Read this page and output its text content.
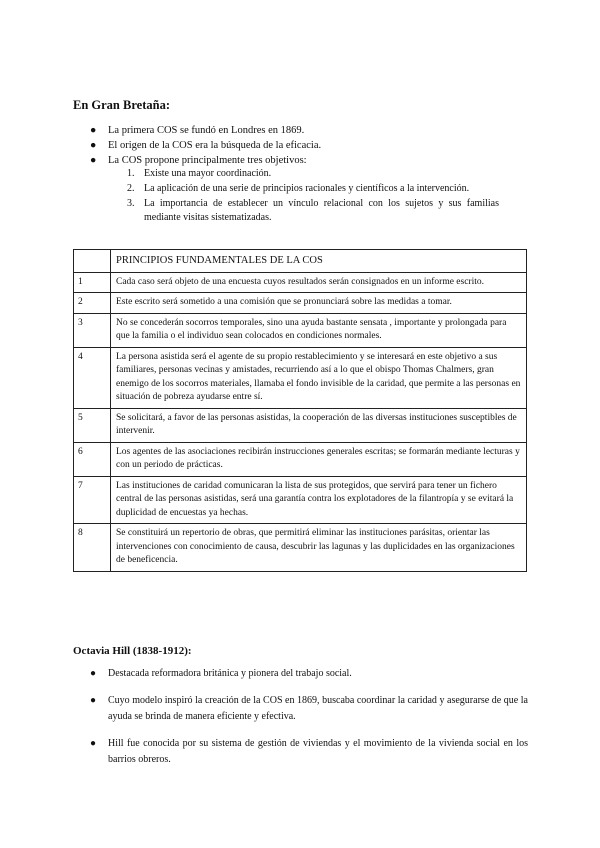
En Gran Bretaña:
● La primera COS se fundó en Londres en 1869.
● El origen de la COS era la búsqueda de la eficacia.
● La COS propone principalmente tres objetivos:
1. Existe una mayor coordinación.
2. La aplicación de una serie de principios racionales y científicos a la intervención.
3. La importancia de establecer un vínculo relacional con los sujetos y sus familias mediante visitas sistematizadas.
	PRINCIPIOS FUNDAMENTALES DE LA COS
1	Cada caso será objeto de una encuesta cuyos resultados serán consignados en un informe escrito.
2	Este escrito será sometido a una comisión que se pronunciará sobre las medidas a tomar.
3	No se concederán socorros temporales, sino una ayuda bastante sensata , importante y prolongada para que la familia o el individuo sean colocados en condiciones normales.
4	La persona asistida será el agente de su propio restablecimiento y se interesará en este objetivo a sus familiares, personas vecinas y amistades, recurriendo así a lo que el obispo Thomas Chalmers, gran enemigo de los socorros materiales, llamaba el fondo invisible de la caridad, que permite a las personas en situación de pobreza ayudarse entre sí.
5	Se solicitará, a favor de las personas asistidas, la cooperación de las diversas instituciones susceptibles de intervenir.
6	Los agentes de las asociaciones recibirán instrucciones generales escritas; se formarán mediante lecturas y con un periodo de prácticas.
7	Las instituciones de caridad comunicaran la lista de sus protegidos, que servirá para tener un fichero central de las personas asistidas, será una garantía contra los explotadores de la filantropía y se evitará la duplicidad de encuestas ya hechas.
8	Se constituirá un repertorio de obras, que permitirá eliminar las instituciones parásitas, orientar las intervenciones con conocimiento de causa, descubrir las lagunas y las duplicidades en las organizaciones de beneficencia.
Octavia Hill (1838-1912):
● Destacada reformadora británica y pionera del trabajo social.
● Cuyo modelo inspiró la creación de la COS en 1869, buscaba coordinar la caridad y asegurarse de que la ayuda se brinda de manera eficiente y efectiva.
● Hill fue conocida por su sistema de gestión de viviendas y el movimiento de la vivienda social en los barrios obreros.
